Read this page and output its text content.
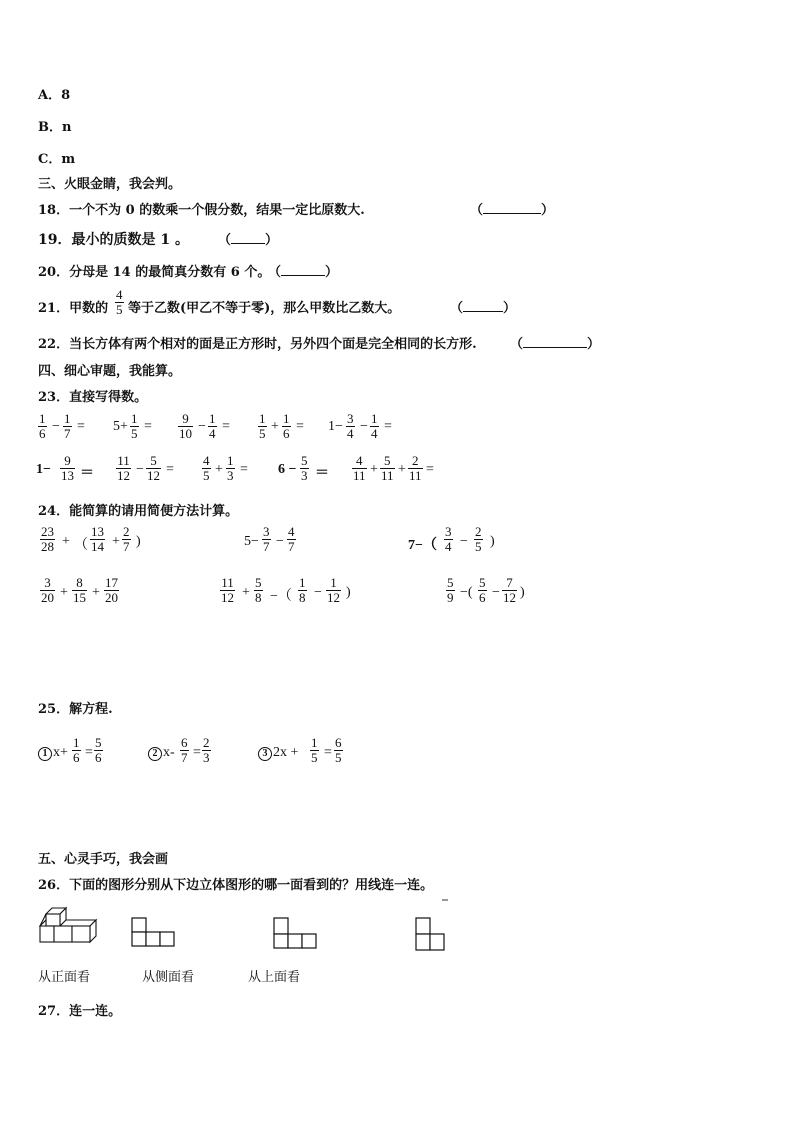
A．8
B．n
C．m
三、火眼金睛，我会判。
18．一个不为 0 的数乘一个假分数，结果一定比原数大.	（	）
19．最小的质数是 1 。 （	）
20．分母是 14 的最简真分数有 6 个。
（	）
21．甲数的
4
5 等于乙数(甲乙不等于零)，那么甲数比乙数大。	（	）
22．当长方体有两个相对的面是正方形时，另外四个面是完全相同的长方形.	（	）
四、细心审题，我能算。
23．直接写得数。
1
6 −
1
7 = 5+
1
5 =
9
10 −
1
4 =
1
5 +
1
6 = 1−
3
4 −
1
4 =
1−
9
13 ＝
11
12 −
5
12 =
4
5 +
1
3 = 6 −
5
3 ＝
4
11 +
5
11 +
2
11 =
24．能简算的请用简便方法计算。
23
28 + （
13
14 +
2
7 )	5−
3
7 −
4
7	7−（
3
4 −
2
5 )
3
20 +
8
15 +
17
20
11
12 +
5
8 −（
1
8 −
1
12 )
5
9 −(
5
6 −
7
12 )
25．解方程.
1 x+
1
6 =
5
6	2 x-
6
7 =
2
3	3 2x +
1
5 =
6
5
五、心灵手巧，我会画
26．下面的图形分别从下边立体图形的哪一面看到的？用线连一连。
从正面看	从侧面看	从上面看
27．连一连。
